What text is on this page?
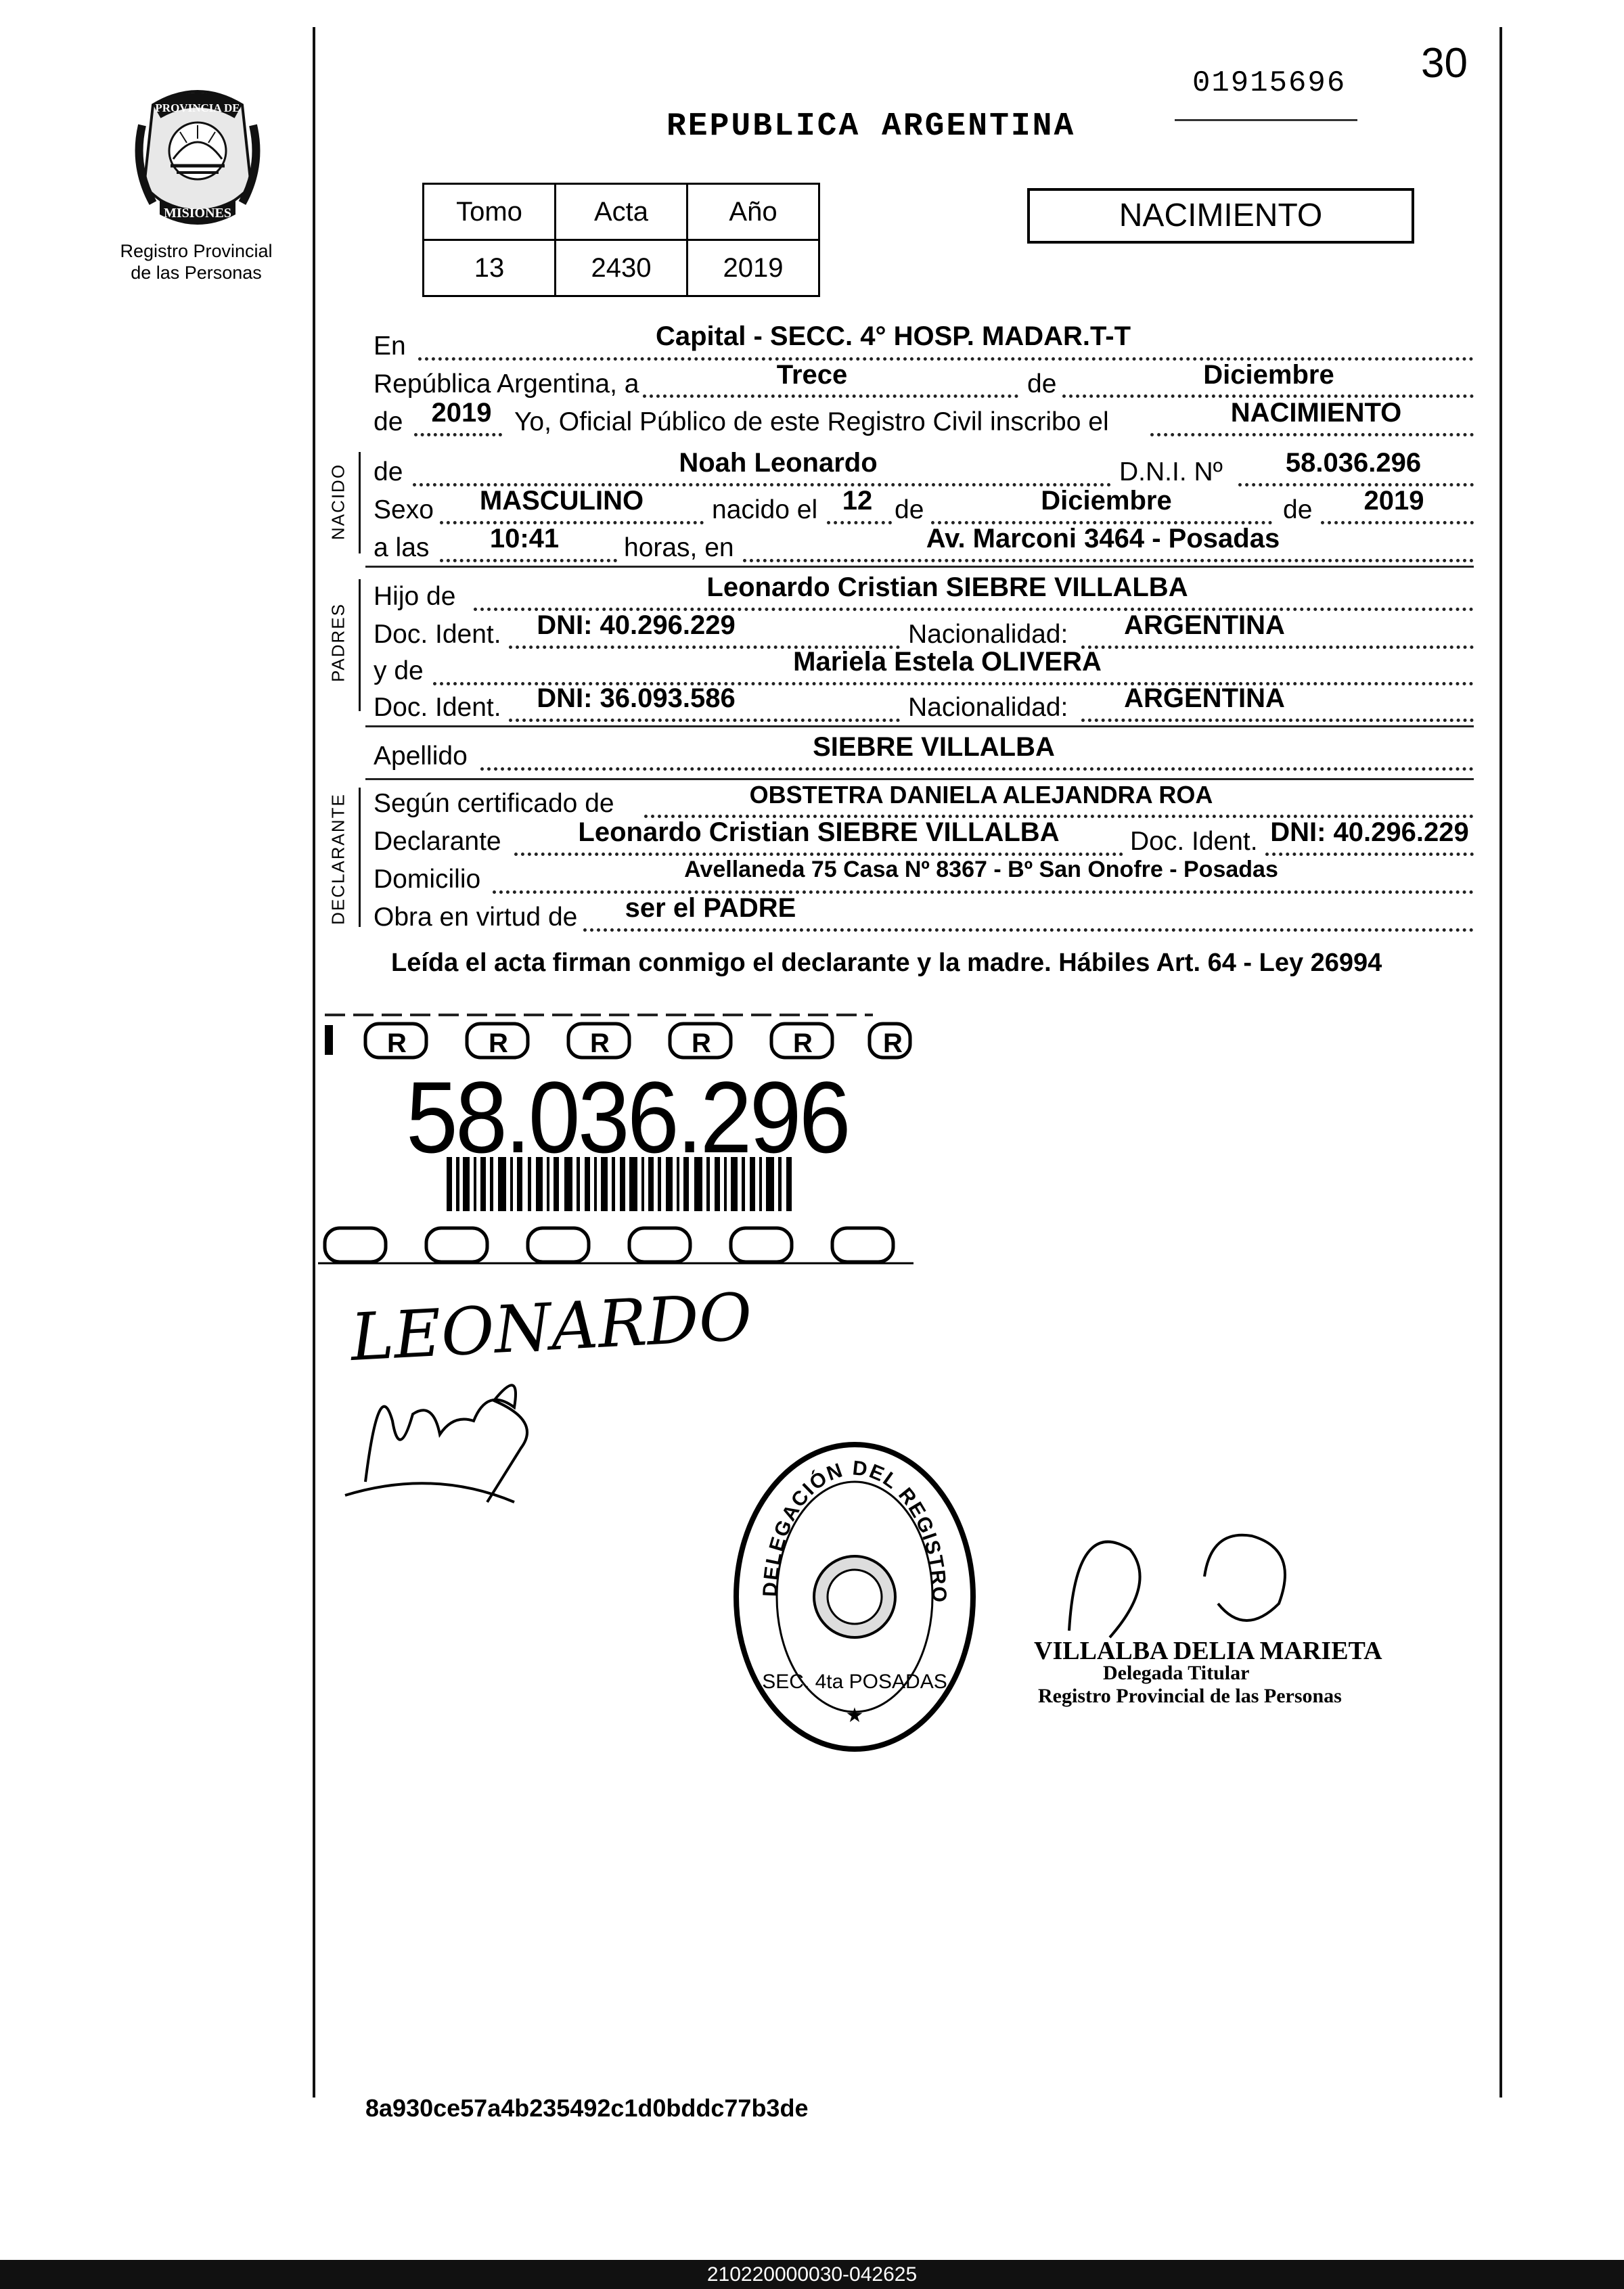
30
01915696
PROVINCIA DE
MISIONES
Registro Provincial
de las Personas
REPUBLICA ARGENTINA
Tomo	Acta	Año
13	2430	2019
NACIMIENTO
En	Capital - SECC. 4° HOSP. MADAR.T-T
República Argentina, a	Trece	de	Diciembre
de	2019 Yo, Oficial Público de este Registro Civil inscribo el	NACIMIENTO
NACIDO de	Noah Leonardo	D.N.I. Nº	58.036.296
Sexo	MASCULINO	nacido el 12 de	Diciembre	de	2019
a las	10:41	horas, en	Av. Marconi 3464 - Posadas
PADRES
Hijo de	Leonardo Cristian SIEBRE VILLALBA
Doc. Ident.	DNI: 40.296.229	Nacionalidad:	ARGENTINA
y de	Mariela Estela OLIVERA
Doc. Ident.	DNI: 36.093.586	Nacionalidad:	ARGENTINA
Apellido	SIEBRE VILLALBA
DECLARANTE Según certificado de	OBSTETRA DANIELA ALEJANDRA ROA
Declarante	Leonardo Cristian SIEBRE VILLALBA	Doc. Ident. DNI: 40.296.229
Domicilio	Avellaneda 75 Casa Nº 8367 - Bº San Onofre - Posadas
Obra en virtud de	ser el PADRE
Leída el acta firman conmigo el declarante y la madre. Hábiles Art. 64 - Ley 26994
R	R	R	R	R	R
58.036.296
LEONARDO
DELEGACIÓN DEL REGISTRO
SEC. 4ta POSADAS
★
VILLALBA DELIA MARIETA
Delegada Titular
Registro Provincial de las Personas
8a930ce57a4b235492c1d0bddc77b3de
210220000030-042625
